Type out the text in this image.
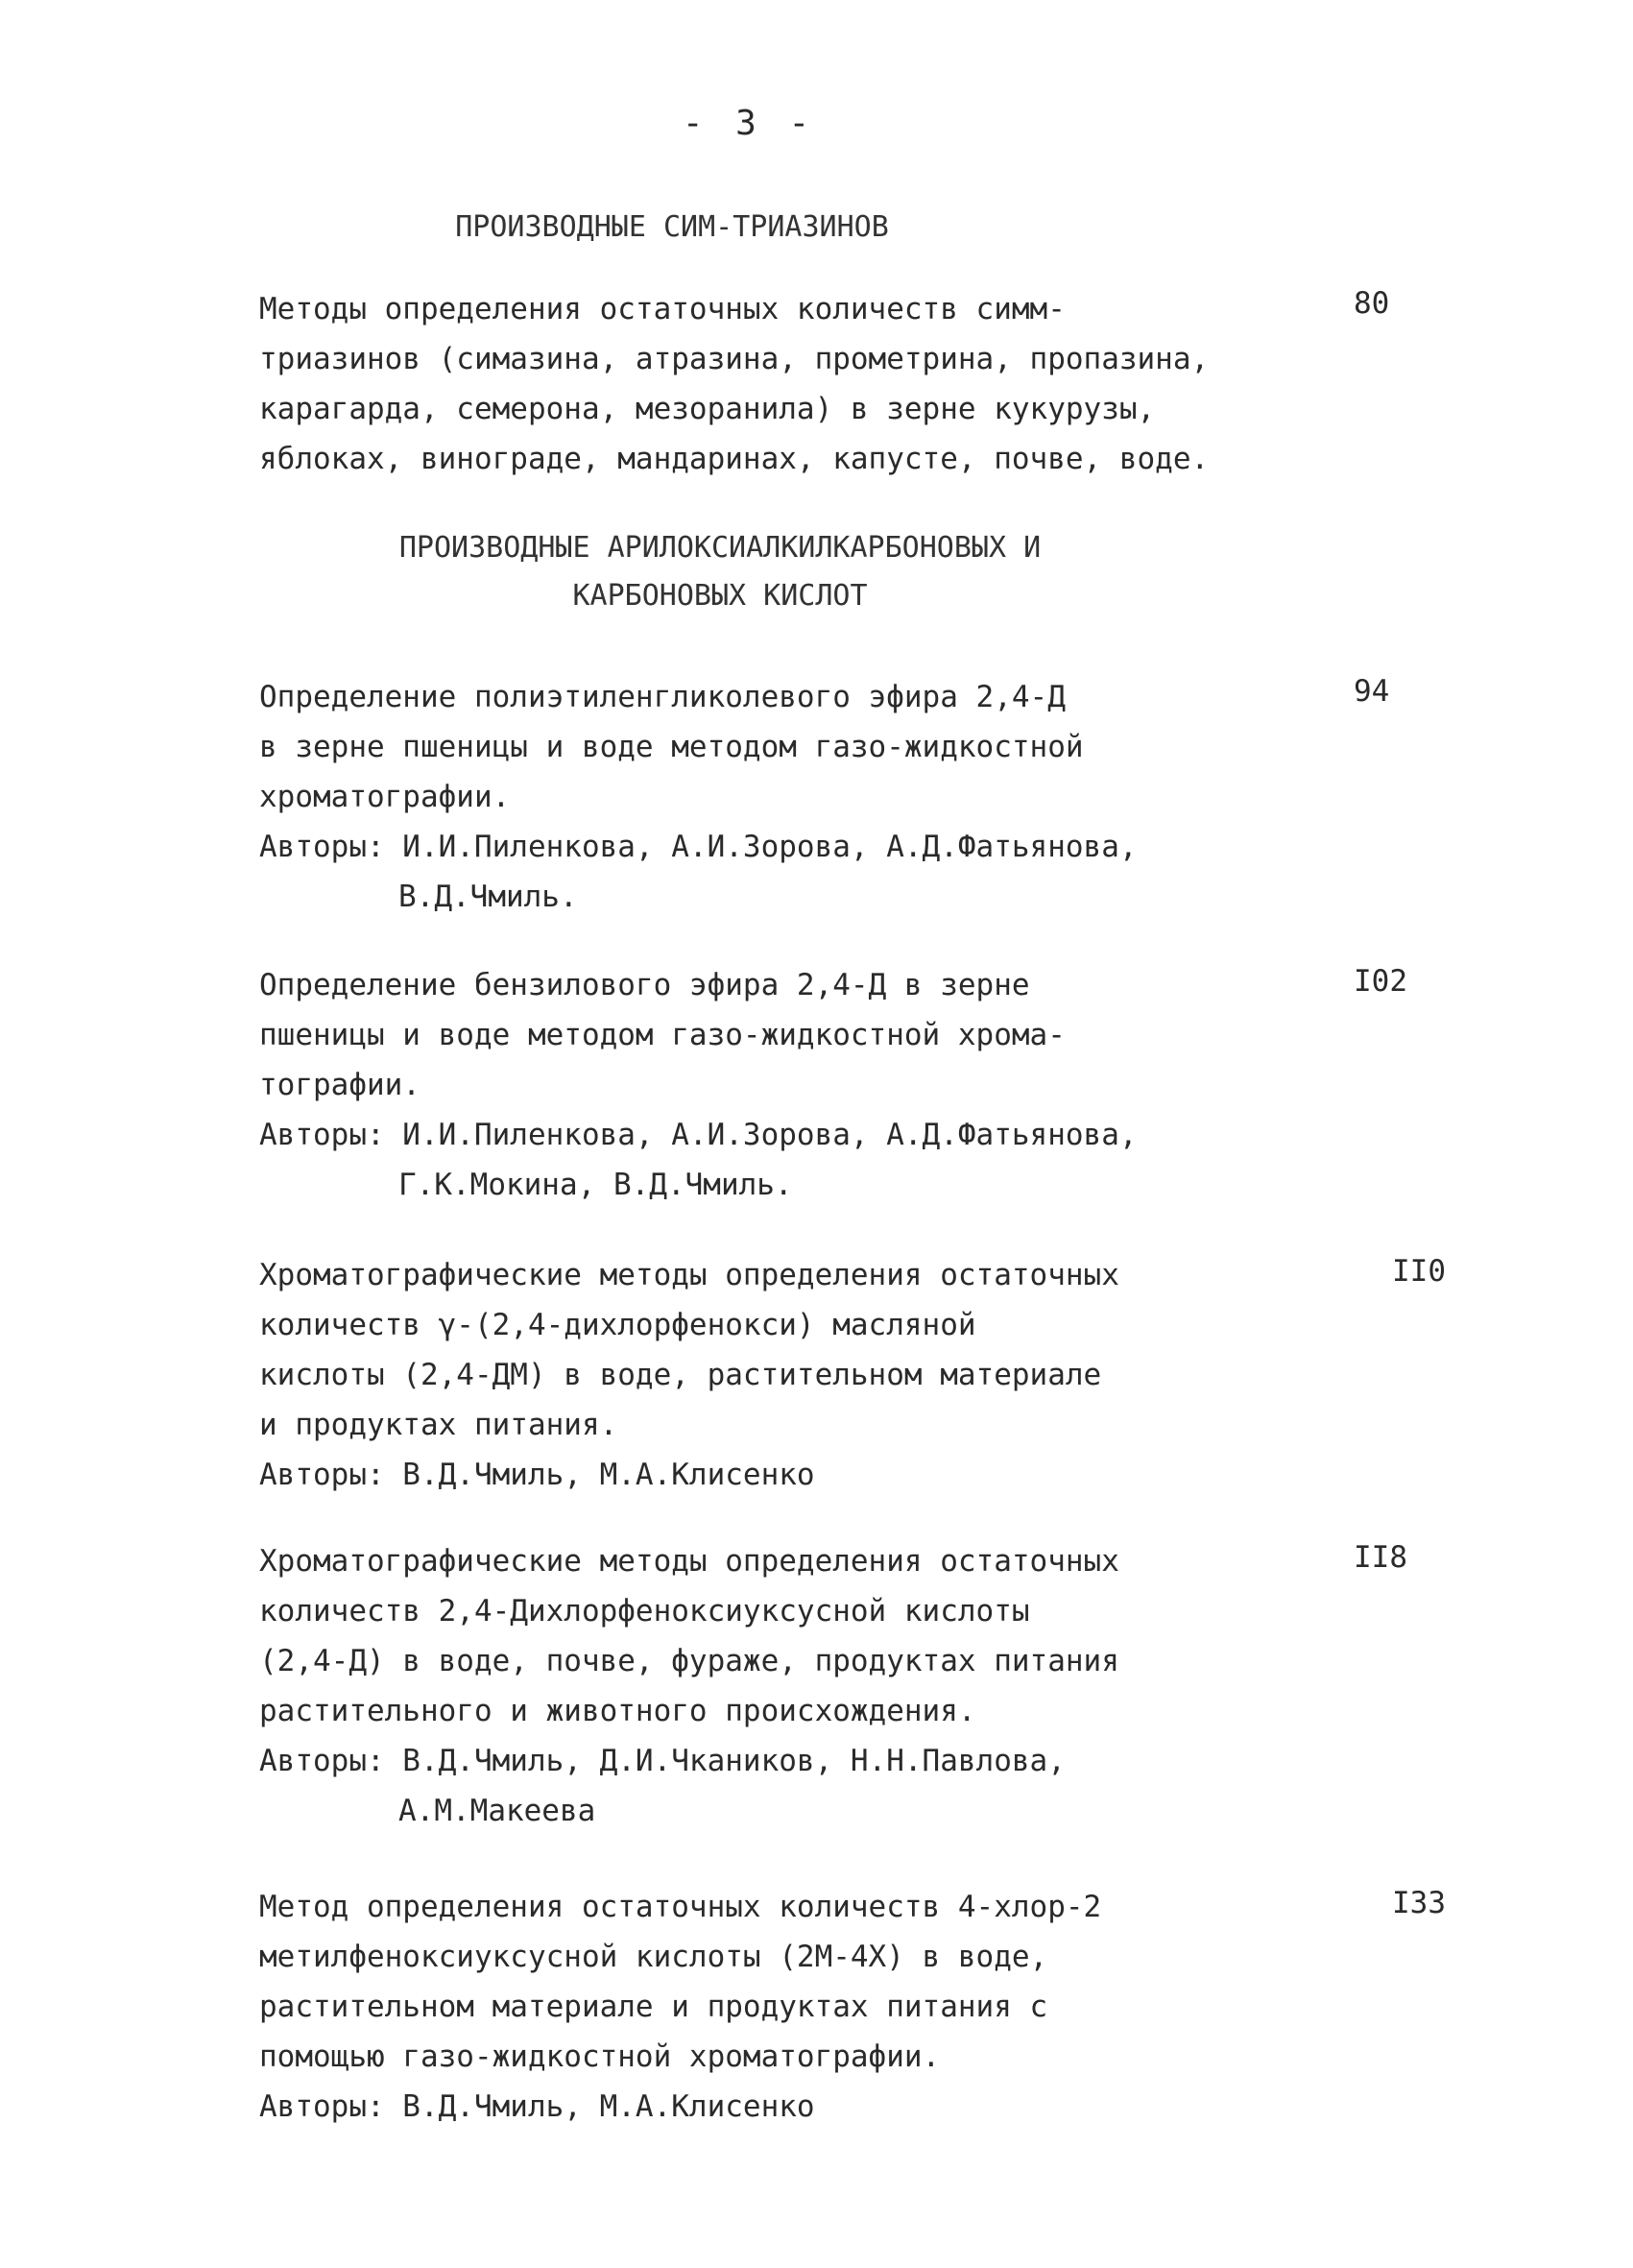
- 3 -
ПРОИЗВОДНЫЕ СИМ-ТРИАЗИНОВ
Методы определения остаточных количеств симм-
триазинов (симазина, атразина, прометрина, пропазина,
карагарда, семерона, мезоранила) в зерне кукурузы,
яблоках, винограде, мандаринах, капусте, почве, воде.
80
ПРОИЗВОДНЫЕ АРИЛОКСИАЛКИЛКАРБОНОВЫХ И
КАРБОНОВЫХ КИСЛОТ
Определение полиэтиленгликолевого эфира 2,4-Д
в зерне пшеницы и воде методом газо-жидкостной
хроматографии.
Авторы: И.И.Пиленкова, А.И.Зорова, А.Д.Фатьянова,
В.Д.Чмиль.
94
Определение бензилового эфира 2,4-Д в зерне
пшеницы и воде методом газо-жидкостной хрома-
тографии.
Авторы: И.И.Пиленкова, А.И.Зорова, А.Д.Фатьянова,
Г.К.Мокина, В.Д.Чмиль.
I02
Хроматографические методы определения остаточных
количеств γ-(2,4-дихлорфенокси) масляной
кислоты (2,4-ДМ) в воде, растительном материале
и продуктах питания.
Авторы: В.Д.Чмиль, М.А.Клисенко
II0
Хроматографические методы определения остаточных
количеств 2,4-Дихлорфеноксиуксусной кислоты
(2,4-Д) в воде, почве, фураже, продуктах питания
растительного и животного происхождения.
Авторы: В.Д.Чмиль, Д.И.Чкаников, Н.Н.Павлова,
А.М.Макеева
II8
Метод определения остаточных количеств 4-хлор-2
метилфеноксиуксусной кислоты (2М-4Х) в воде,
растительном материале и продуктах питания с
помощью газо-жидкостной хроматографии.
Авторы: В.Д.Чмиль, М.А.Клисенко
I33
